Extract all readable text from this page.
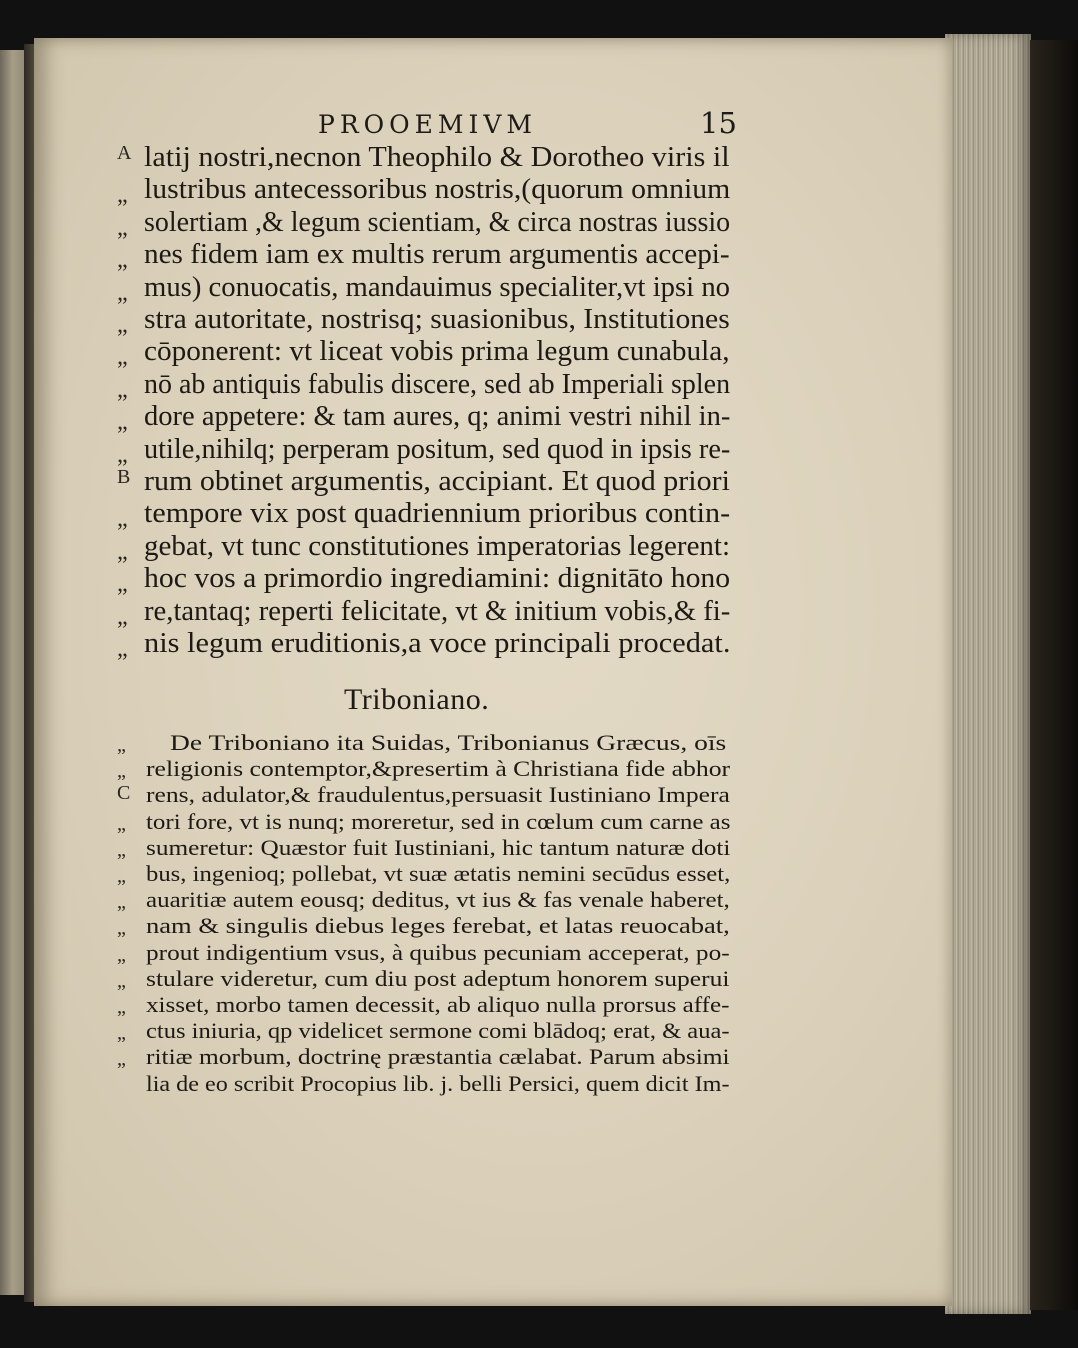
PROOEMIVM	15
A latij nostri,necnon Theophilo & Dorotheo viris il
„ lustribus antecessoribus nostris,(quorum omnium
„ solertiam ,& legum scientiam, & circa nostras iussio
„ nes fidem iam ex multis rerum argumentis accepi-
„ mus) conuocatis, mandauimus specialiter,vt ipsi no
„ stra autoritate, nostrisq; suasionibus, Institutiones
„ cōponerent: vt liceat vobis prima legum cunabula,
„ nō ab antiquis fabulis discere, sed ab Imperiali splen
„ dore appetere: & tam aures, q; animi vestri nihil in-
„ utile,nihilq; perperam positum, sed quod in ipsis re-
B rum obtinet argumentis, accipiant. Et quod priori
„ tempore vix post quadriennium prioribus contin-
„ gebat, vt tunc constitutiones imperatorias legerent:
„ hoc vos a primordio ingrediamini: dignitāto hono
„ re,tantaq; reperti felicitate, vt & initium vobis,& fi-
„ nis legum eruditionis,a voce principali procedat.
Triboniano.
„ De Triboniano ita Suidas, Tribonianus Græcus, oīs
„ religionis contemptor,&presertim à Christiana fide abhor
C rens, adulator,& fraudulentus,persuasit Iustiniano Impera
„ tori fore, vt is nunq; moreretur, sed in cœlum cum carne as
„ sumeretur: Quæstor fuit Iustiniani, hic tantum naturæ doti
„ bus, ingenioq; pollebat, vt suæ ætatis nemini secūdus esset,
„ auaritiæ autem eousq; deditus, vt ius & fas venale haberet,
„ nam & singulis diebus leges ferebat, et latas reuocabat,
„ prout indigentium vsus, à quibus pecuniam acceperat, po-
„ stulare videretur, cum diu post adeptum honorem superui
„ xisset, morbo tamen decessit, ab aliquo nulla prorsus affe-
„ ctus iniuria, qp videlicet sermone comi blādoq; erat, & aua-
„ ritiæ morbum, doctrinę præstantia cælabat. Parum absimi
lia de eo scribit Procopius lib. j. belli Persici, quem dicit Im-
